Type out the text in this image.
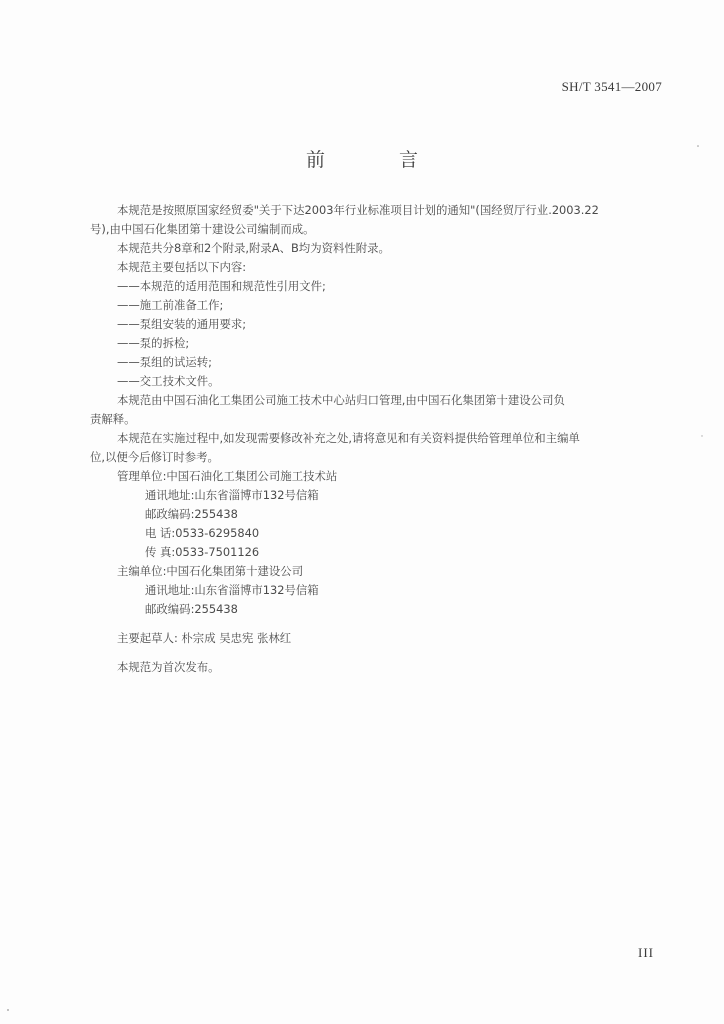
SH/T 3541—2007
前 言
本规范是按照原国家经贸委"关于下达2003年行业标准项目计划的通知"(国经贸厅行业.2003.22
号),由中国石化集团第十建设公司编制而成。
本规范共分8章和2个附录,附录A、B均为资料性附录。
本规范主要包括以下内容:
——本规范的适用范围和规范性引用文件;
——施工前准备工作;
——泵组安装的通用要求;
——泵的拆检;
——泵组的试运转;
——交工技术文件。
本规范由中国石油化工集团公司施工技术中心站归口管理,由中国石化集团第十建设公司负
责解释。
本规范在实施过程中,如发现需要修改补充之处,请将意见和有关资料提供给管理单位和主编单
位,以便今后修订时参考。
管理单位:中国石油化工集团公司施工技术站
通讯地址:山东省淄博市132号信箱
邮政编码:255438
电 话:0533-6295840
传 真:0533-7501126
主编单位:中国石化集团第十建设公司
通讯地址:山东省淄博市132号信箱
邮政编码:255438
主要起草人: 朴宗成 吴忠宪 张林红
本规范为首次发布。
III
